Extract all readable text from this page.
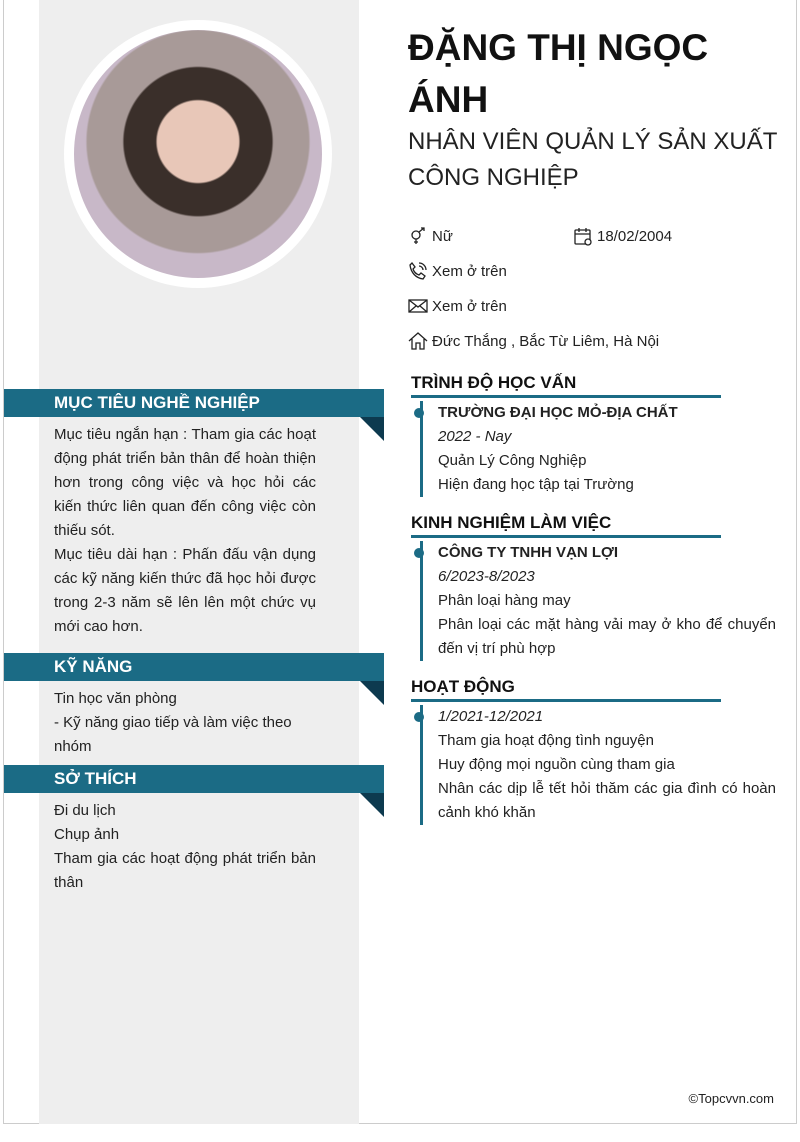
MỤC TIÊU NGHỀ NGHIỆP
Mục tiêu ngắn hạn : Tham gia các hoạt động phát triển bản thân để hoàn thiện hơn trong công việc và học hỏi các kiến thức liên quan đến công việc còn thiếu sót.
Mục tiêu dài hạn : Phấn đấu vận dụng các kỹ năng kiến thức đã học hỏi được trong 2-3 năm sẽ lên lên một chức vụ mới cao hơn.
KỸ NĂNG
Tin học văn phòng
- Kỹ năng giao tiếp và làm việc theo nhóm
SỞ THÍCH
Đi du lịch
Chụp ảnh
Tham gia các hoạt động phát triển bản thân
ĐẶNG THỊ NGỌC ÁNH
NHÂN VIÊN QUẢN LÝ SẢN XUẤT CÔNG NGHIỆP
Nữ	18/02/2004
Xem ở trên
Xem ở trên
Đức Thắng , Bắc Từ Liêm, Hà Nội
TRÌNH ĐỘ HỌC VẤN
TRƯỜNG ĐẠI HỌC MỎ-ĐỊA CHẤT
2022 - Nay
Quản Lý Công Nghiệp
Hiện đang học tập tại Trường
KINH NGHIỆM LÀM VIỆC
CÔNG TY TNHH VẠN LỢI
6/2023-8/2023
Phân loại hàng may
Phân loại các mặt hàng vải may ở kho để chuyển đến vị trí phù hợp
HOẠT ĐỘNG
1/2021-12/2021
Tham gia hoạt động tình nguyện
Huy động mọi nguồn cùng tham gia
Nhân các dịp lễ tết hỏi thăm các gia đình có hoàn cảnh khó khăn
©Topcvvn.com
